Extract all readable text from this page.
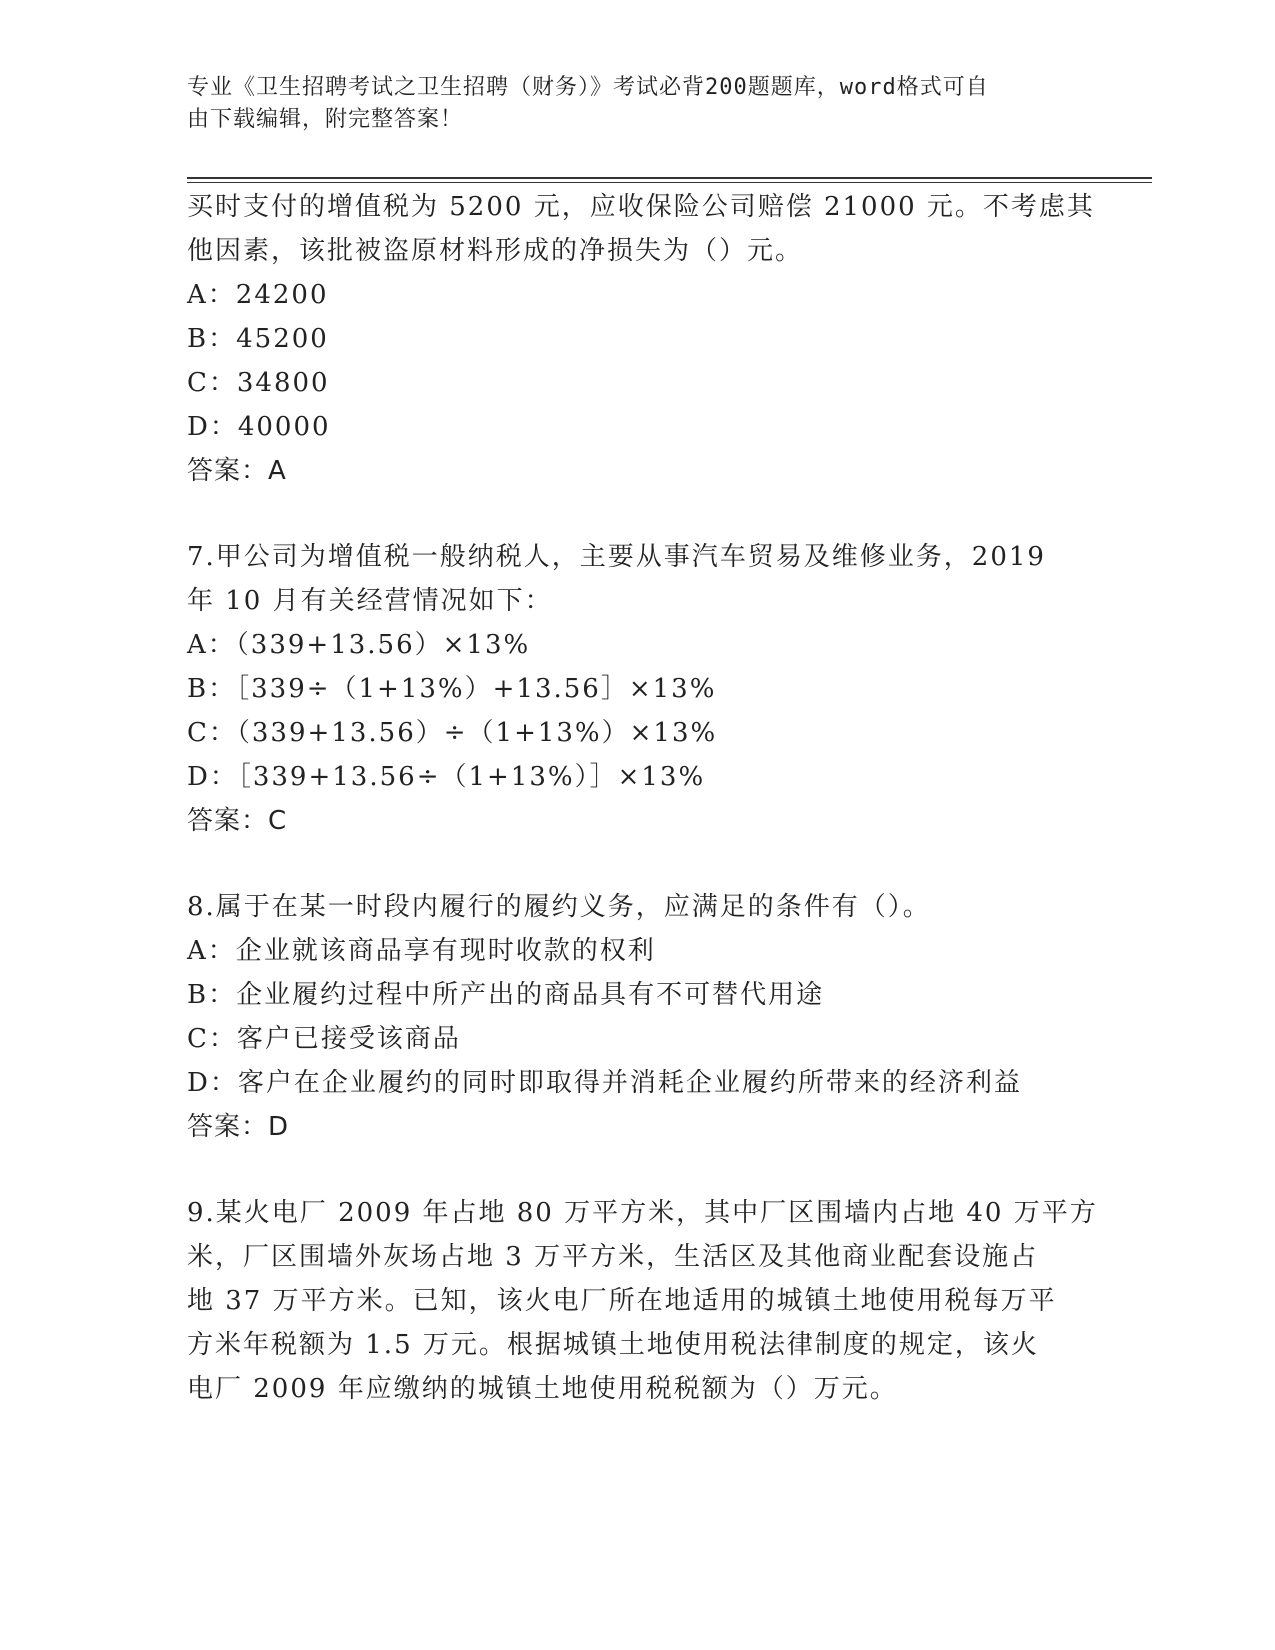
专业《卫生招聘考试之卫生招聘（财务）》考试必背200题题库，word格式可自
由下载编辑，附完整答案！
买时支付的增值税为 5200 元，应收保险公司赔偿 21000 元。不考虑其
他因素，该批被盗原材料形成的净损失为（）元。
A：24200
B：45200
C：34800
D：40000
答案：A
7.甲公司为增值税一般纳税人，主要从事汽车贸易及维修业务，2019
年 10 月有关经营情况如下：
A：（339+13.56）×13%
B：［339÷（1+13%）+13.56］×13%
C：（339+13.56）÷（1+13%）×13%
D：［339+13.56÷（1+13%）］×13%
答案：C
8.属于在某一时段内履行的履约义务，应满足的条件有（）。
A：企业就该商品享有现时收款的权利
B：企业履约过程中所产出的商品具有不可替代用途
C：客户已接受该商品
D：客户在企业履约的同时即取得并消耗企业履约所带来的经济利益
答案：D
9.某火电厂 2009 年占地 80 万平方米，其中厂区围墙内占地 40 万平方
米，厂区围墙外灰场占地 3 万平方米，生活区及其他商业配套设施占
地 37 万平方米。已知，该火电厂所在地适用的城镇土地使用税每万平
方米年税额为 1.5 万元。根据城镇土地使用税法律制度的规定，该火
电厂 2009 年应缴纳的城镇土地使用税税额为（）万元。
